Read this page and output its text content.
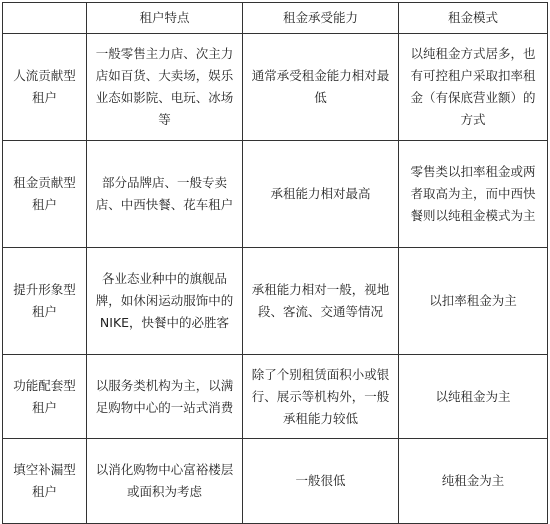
	租户特点	租金承受能力	租金模式
人流贡献型租户	一般零售主力店、次主力店如百货、大卖场，娱乐业态如影院、电玩、冰场等	通常承受租金能力相对最低	以纯租金方式居多，也有可控租户采取扣率租金（有保底营业额）的方式
租金贡献型租户	部分品牌店、一般专卖店、中西快餐、花车租户	承租能力相对最高	零售类以扣率租金或两者取高为主，而中西快餐则以纯租金模式为主
提升形象型租户	各业态业种中的旗舰品牌，如休闲运动服饰中的NIKE，快餐中的必胜客	承租能力相对一般，视地段、客流、交通等情况	以扣率租金为主
功能配套型租户	以服务类机构为主，以满足购物中心的一站式消费	除了个别租赁面积小或银行、展示等机构外，一般承租能力较低	以纯租金为主
填空补漏型租户	以消化购物中心富裕楼层或面积为考虑	一般很低	纯租金为主
